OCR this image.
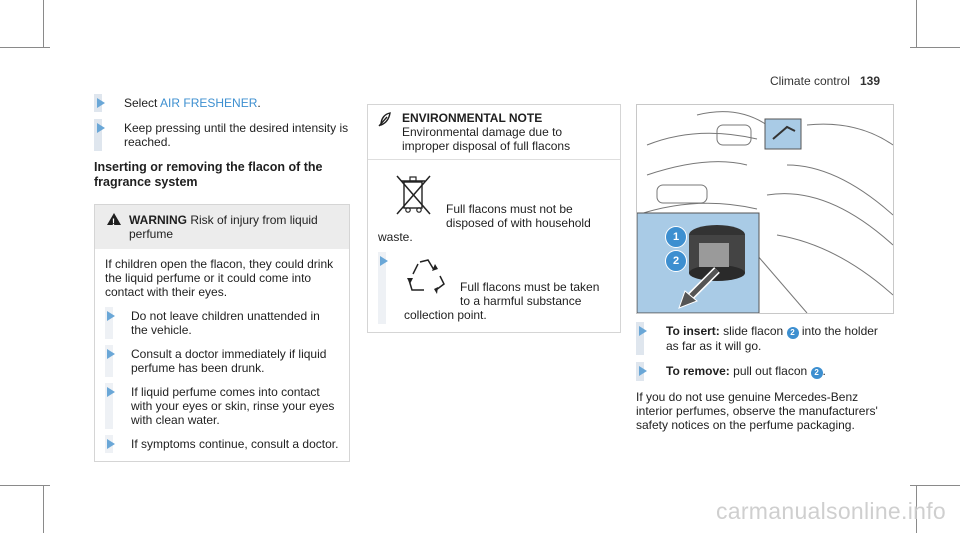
Climate control 139
Select AIR FRESHENER.
Keep pressing until the desired intensity is reached.
Inserting or removing the flacon of the fragrance system
! WARNING Risk of injury from liquid perfume
If children open the flacon, they could drink the liquid perfume or it could come into contact with their eyes.
Do not leave children unattended in the vehicle.
Consult a doctor immediately if liquid perfume has been drunk.
If liquid perfume comes into contact with your eyes or skin, rinse your eyes with clean water.
If symptoms continue, consult a doctor.
ENVIRONMENTAL NOTE Environmental damage due to improper disposal of full flacons
Full flacons must not be disposed of with household waste.
Full flacons must be taken to a harmful substance collection point.
1
2
To insert: slide flacon 2 into the holder as far as it will go.
To remove: pull out flacon 2 .
If you do not use genuine Mercedes-Benz interior perfumes, observe the manufacturers' safety notices on the perfume packaging.
carmanualsonline.info
